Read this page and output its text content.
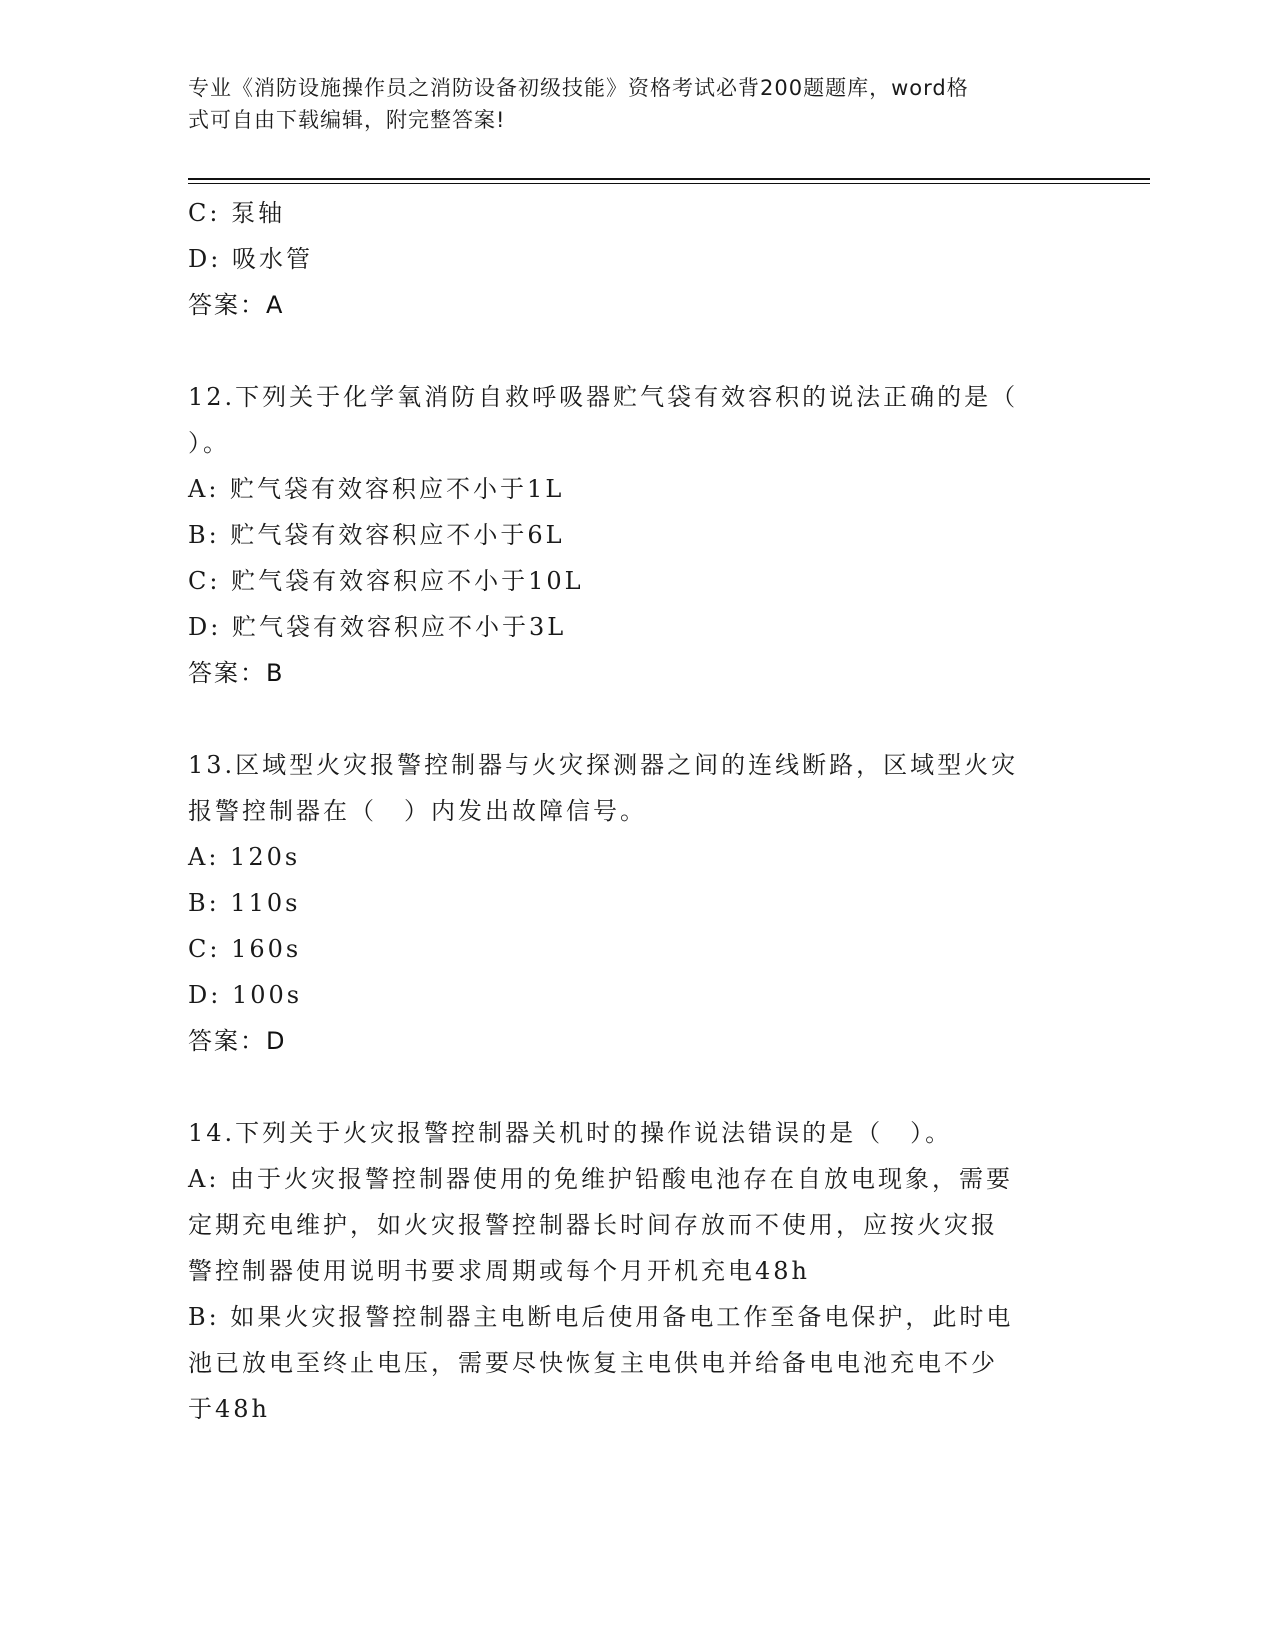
专业《消防设施操作员之消防设备初级技能》资格考试必背200题题库，word格
式可自由下载编辑，附完整答案!
C: 泵轴
D: 吸水管
答案：A
12.下列关于化学氧消防自救呼吸器贮气袋有效容积的说法正确的是（
）。
A: 贮气袋有效容积应不小于1L
B: 贮气袋有效容积应不小于6L
C: 贮气袋有效容积应不小于10L
D: 贮气袋有效容积应不小于3L
答案：B
13.区域型火灾报警控制器与火灾探测器之间的连线断路，区域型火灾
报警控制器在（　）内发出故障信号。
A: 120s
B: 110s
C: 160s
D: 100s
答案：D
14.下列关于火灾报警控制器关机时的操作说法错误的是（　）。
A: 由于火灾报警控制器使用的免维护铅酸电池存在自放电现象，需要
定期充电维护，如火灾报警控制器长时间存放而不使用，应按火灾报
警控制器使用说明书要求周期或每个月开机充电48h
B: 如果火灾报警控制器主电断电后使用备电工作至备电保护，此时电
池已放电至终止电压，需要尽快恢复主电供电并给备电电池充电不少
于48h
